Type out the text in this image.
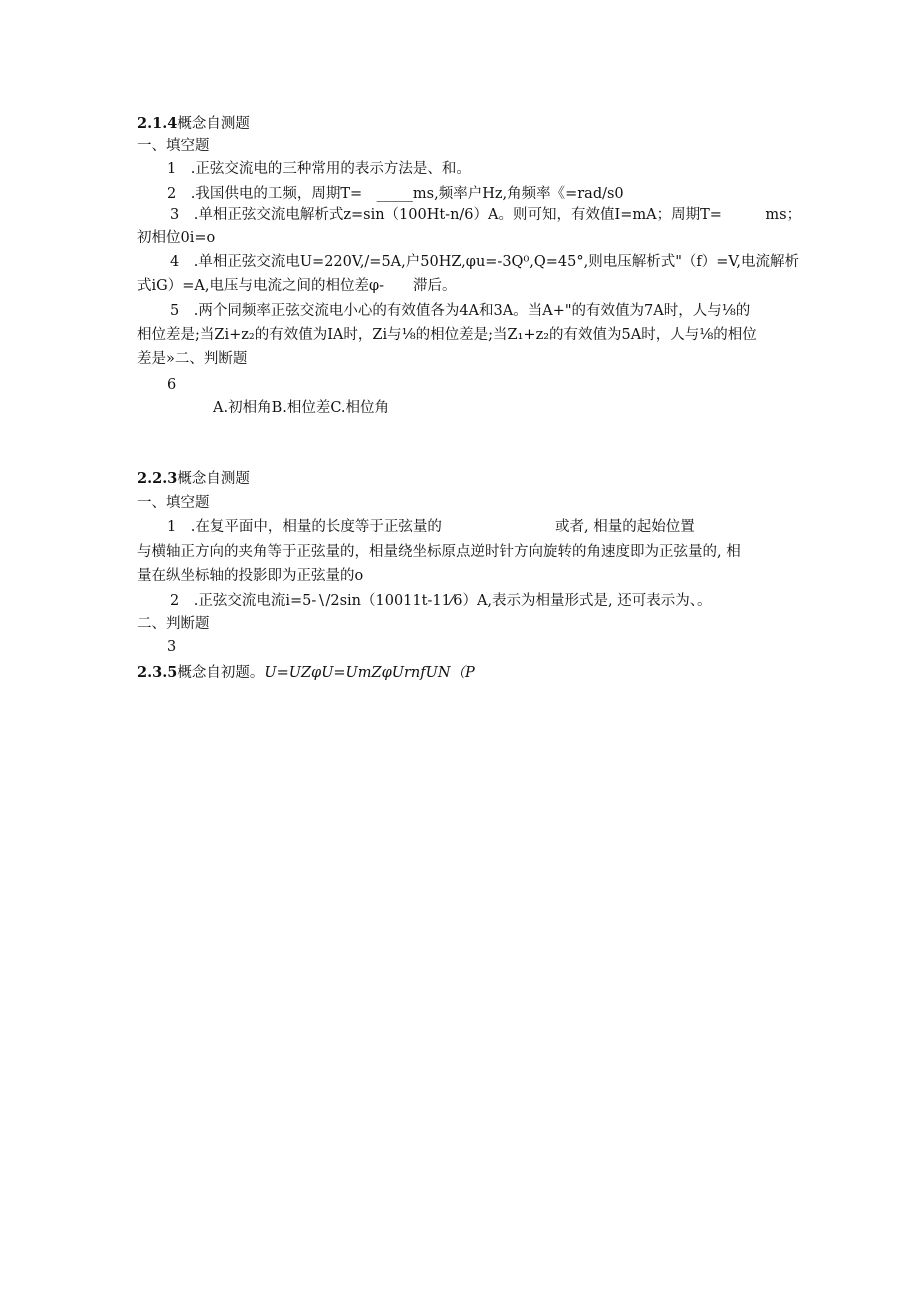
2.1.4概念自测题
一、填空题
1　.正弦交流电的三种常用的表示方法是、和。
2　.我国供电的工频，周期T=　_____ms,频率户Hz,角频率《=rad/s0
3　.单相正弦交流电解析式z=sin（100Ht-n/6）A。则可知，有效值I=mA；周期T=　　　ms；
初相位0i=o
4　.单相正弦交流电U=220V,/=5A,户50HZ,φu=-3Q⁰,Q=45°,则电压解析式"（f）=V,电流解析
式iG）=A,电压与电流之间的相位差φ-　　滞后。
5　.两个同频率正弦交流电小心的有效值各为4A和3A。当A+"的有效值为7A时，人与⅛的
相位差是;当Zi+z₂的有效值为IA时，Zi与⅛的相位差是;当Z₁+z₂的有效值为5A时，人与⅛的相位
差是»二、判断题
6
A.初相角B.相位差C.相位角
2.2.3概念自测题
一、填空题
1　.在复平面中，相量的长度等于正弦量的	或者, 相量的起始位置
与横轴正方向的夹角等于正弦量的，相量绕坐标原点逆时针方向旋转的角速度即为正弦量的, 相
量在纵坐标轴的投影即为正弦量的o
2　.正弦交流电流i=5-∖/2sin（10011t-11⁄6）A,表示为相量形式是, 还可表示为、。
二、判断题
3
2.3.5概念自初题。U=UZφU=UmZφUrnfUN（P
